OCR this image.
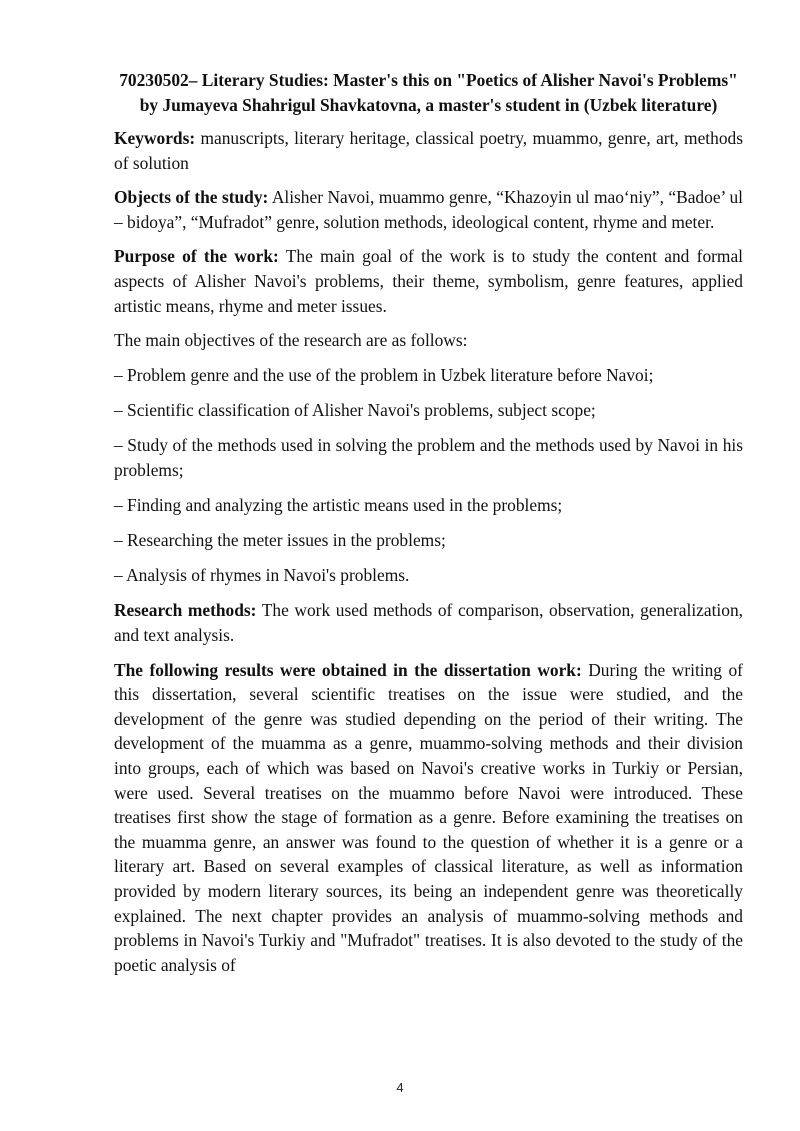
70230502– Literary Studies: Master's this on "Poetics of Alisher Navoi's Problems" by Jumayeva Shahrigul Shavkatovna, a master's student in (Uzbek literature)

Keywords: manuscripts, literary heritage, classical poetry, muammo, genre, art, methods of solution

Objects of the study: Alisher Navoi, muammo genre, “Khazoyin ul mao‘niy”, “Badoe’ ul – bidoya”, “Mufradot” genre, solution methods, ideological content, rhyme and meter.

Purpose of the work: The main goal of the work is to study the content and formal aspects of Alisher Navoi's problems, their theme, symbolism, genre features, applied artistic means, rhyme and meter issues.

The main objectives of the research are as follows:

– Problem genre and the use of the problem in Uzbek literature before Navoi;

– Scientific classification of Alisher Navoi's problems, subject scope;

– Study of the methods used in solving the problem and the methods used by Navoi in his problems;

– Finding and analyzing the artistic means used in the problems;

– Researching the meter issues in the problems;

– Analysis of rhymes in Navoi's problems.

Research methods: The work used methods of comparison, observation, generalization, and text analysis.

The following results were obtained in the dissertation work: During the writing of this dissertation, several scientific treatises on the issue were studied, and the development of the genre was studied depending on the period of their writing. The development of the muamma as a genre, muammo-solving methods and their division into groups, each of which was based on Navoi's creative works in Turkiy or Persian, were used. Several treatises on the muammo before Navoi were introduced. These treatises first show the stage of formation as a genre. Before examining the treatises on the muamma genre, an answer was found to the question of whether it is a genre or a literary art. Based on several examples of classical literature, as well as information provided by modern literary sources, its being an independent genre was theoretically explained. The next chapter provides an analysis of muammo-solving methods and problems in Navoi's Turkiy and "Mufradot" treatises. It is also devoted to the study of the poetic analysis of

4
